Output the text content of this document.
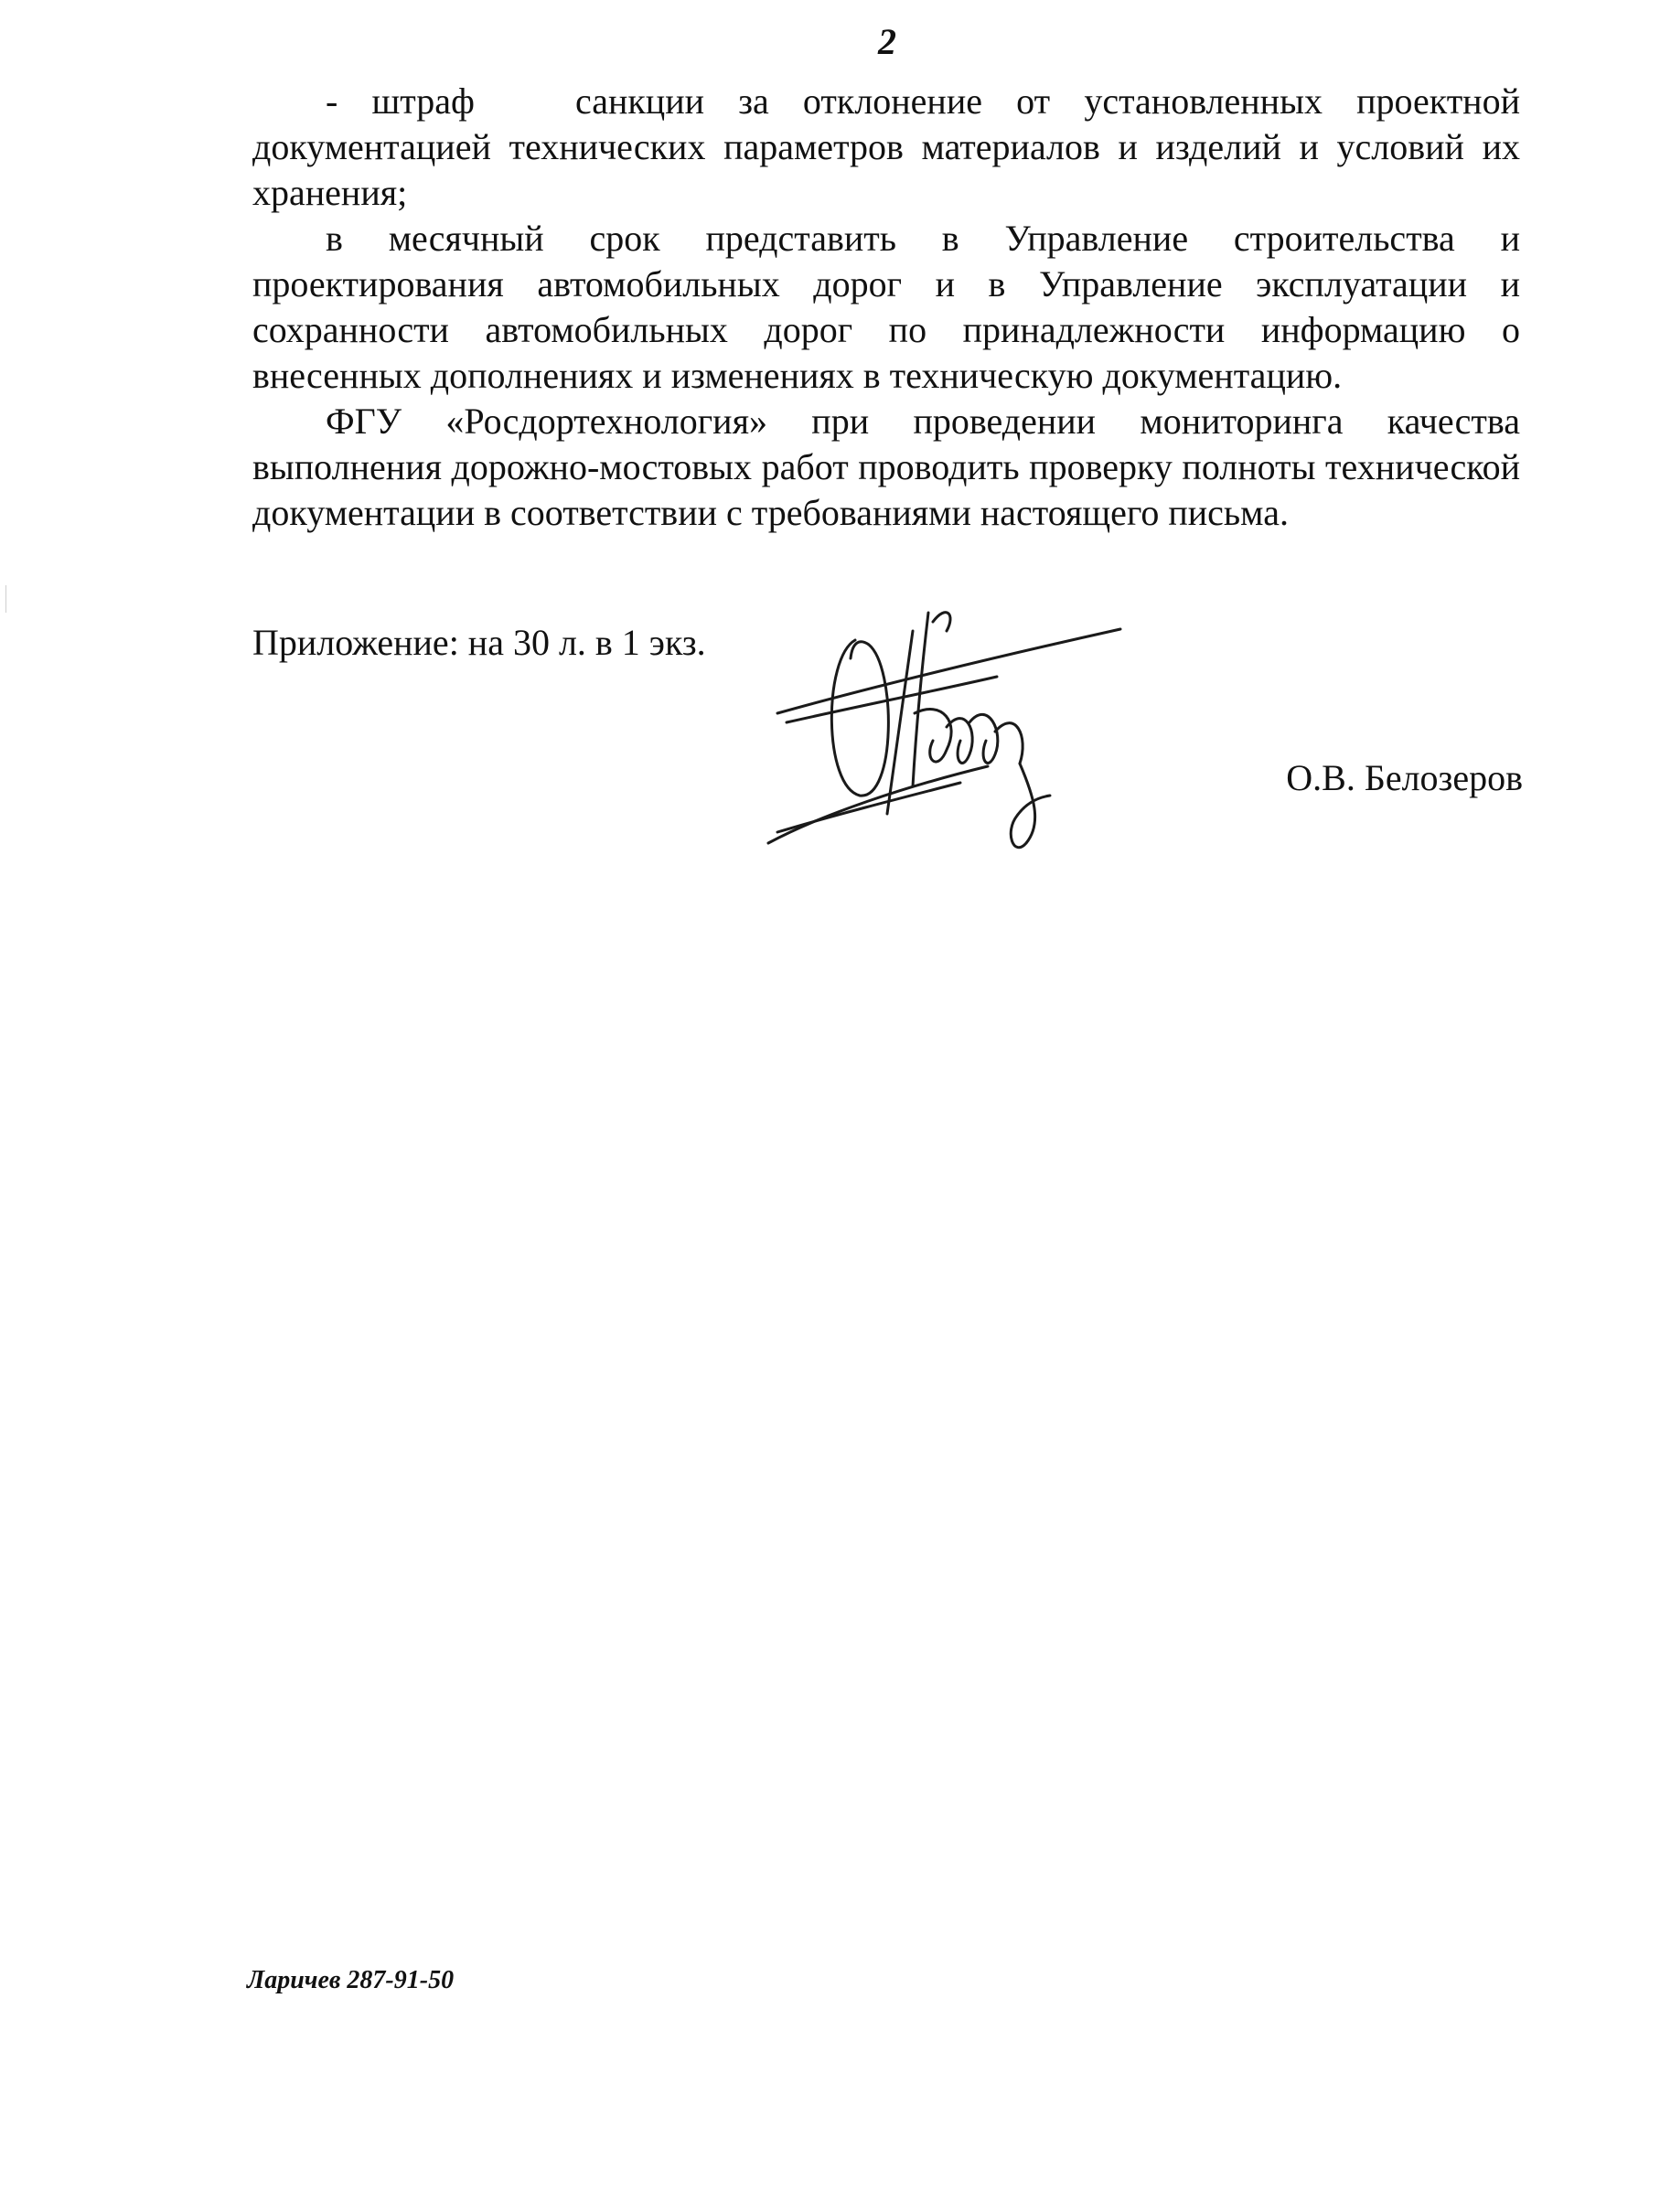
2

- штраф	санкции за отклонение от установленных проектной документацией технических параметров материалов и изделий и условий их хранения;

в месячный срок представить в Управление строительства и проектирования автомобильных дорог и в Управление эксплуатации и сохранности автомобильных дорог по принадлежности информацию о внесенных дополнениях и изменениях в техническую документацию.

ФГУ «Росдортехнология» при проведении мониторинга качества выполнения дорожно-мостовых работ проводить проверку полноты технической документации в соответствии с требованиями настоящего письма.

Приложение: на 30 л. в 1 экз.
О.В. Белозеров
Ларичев 287-91-50
